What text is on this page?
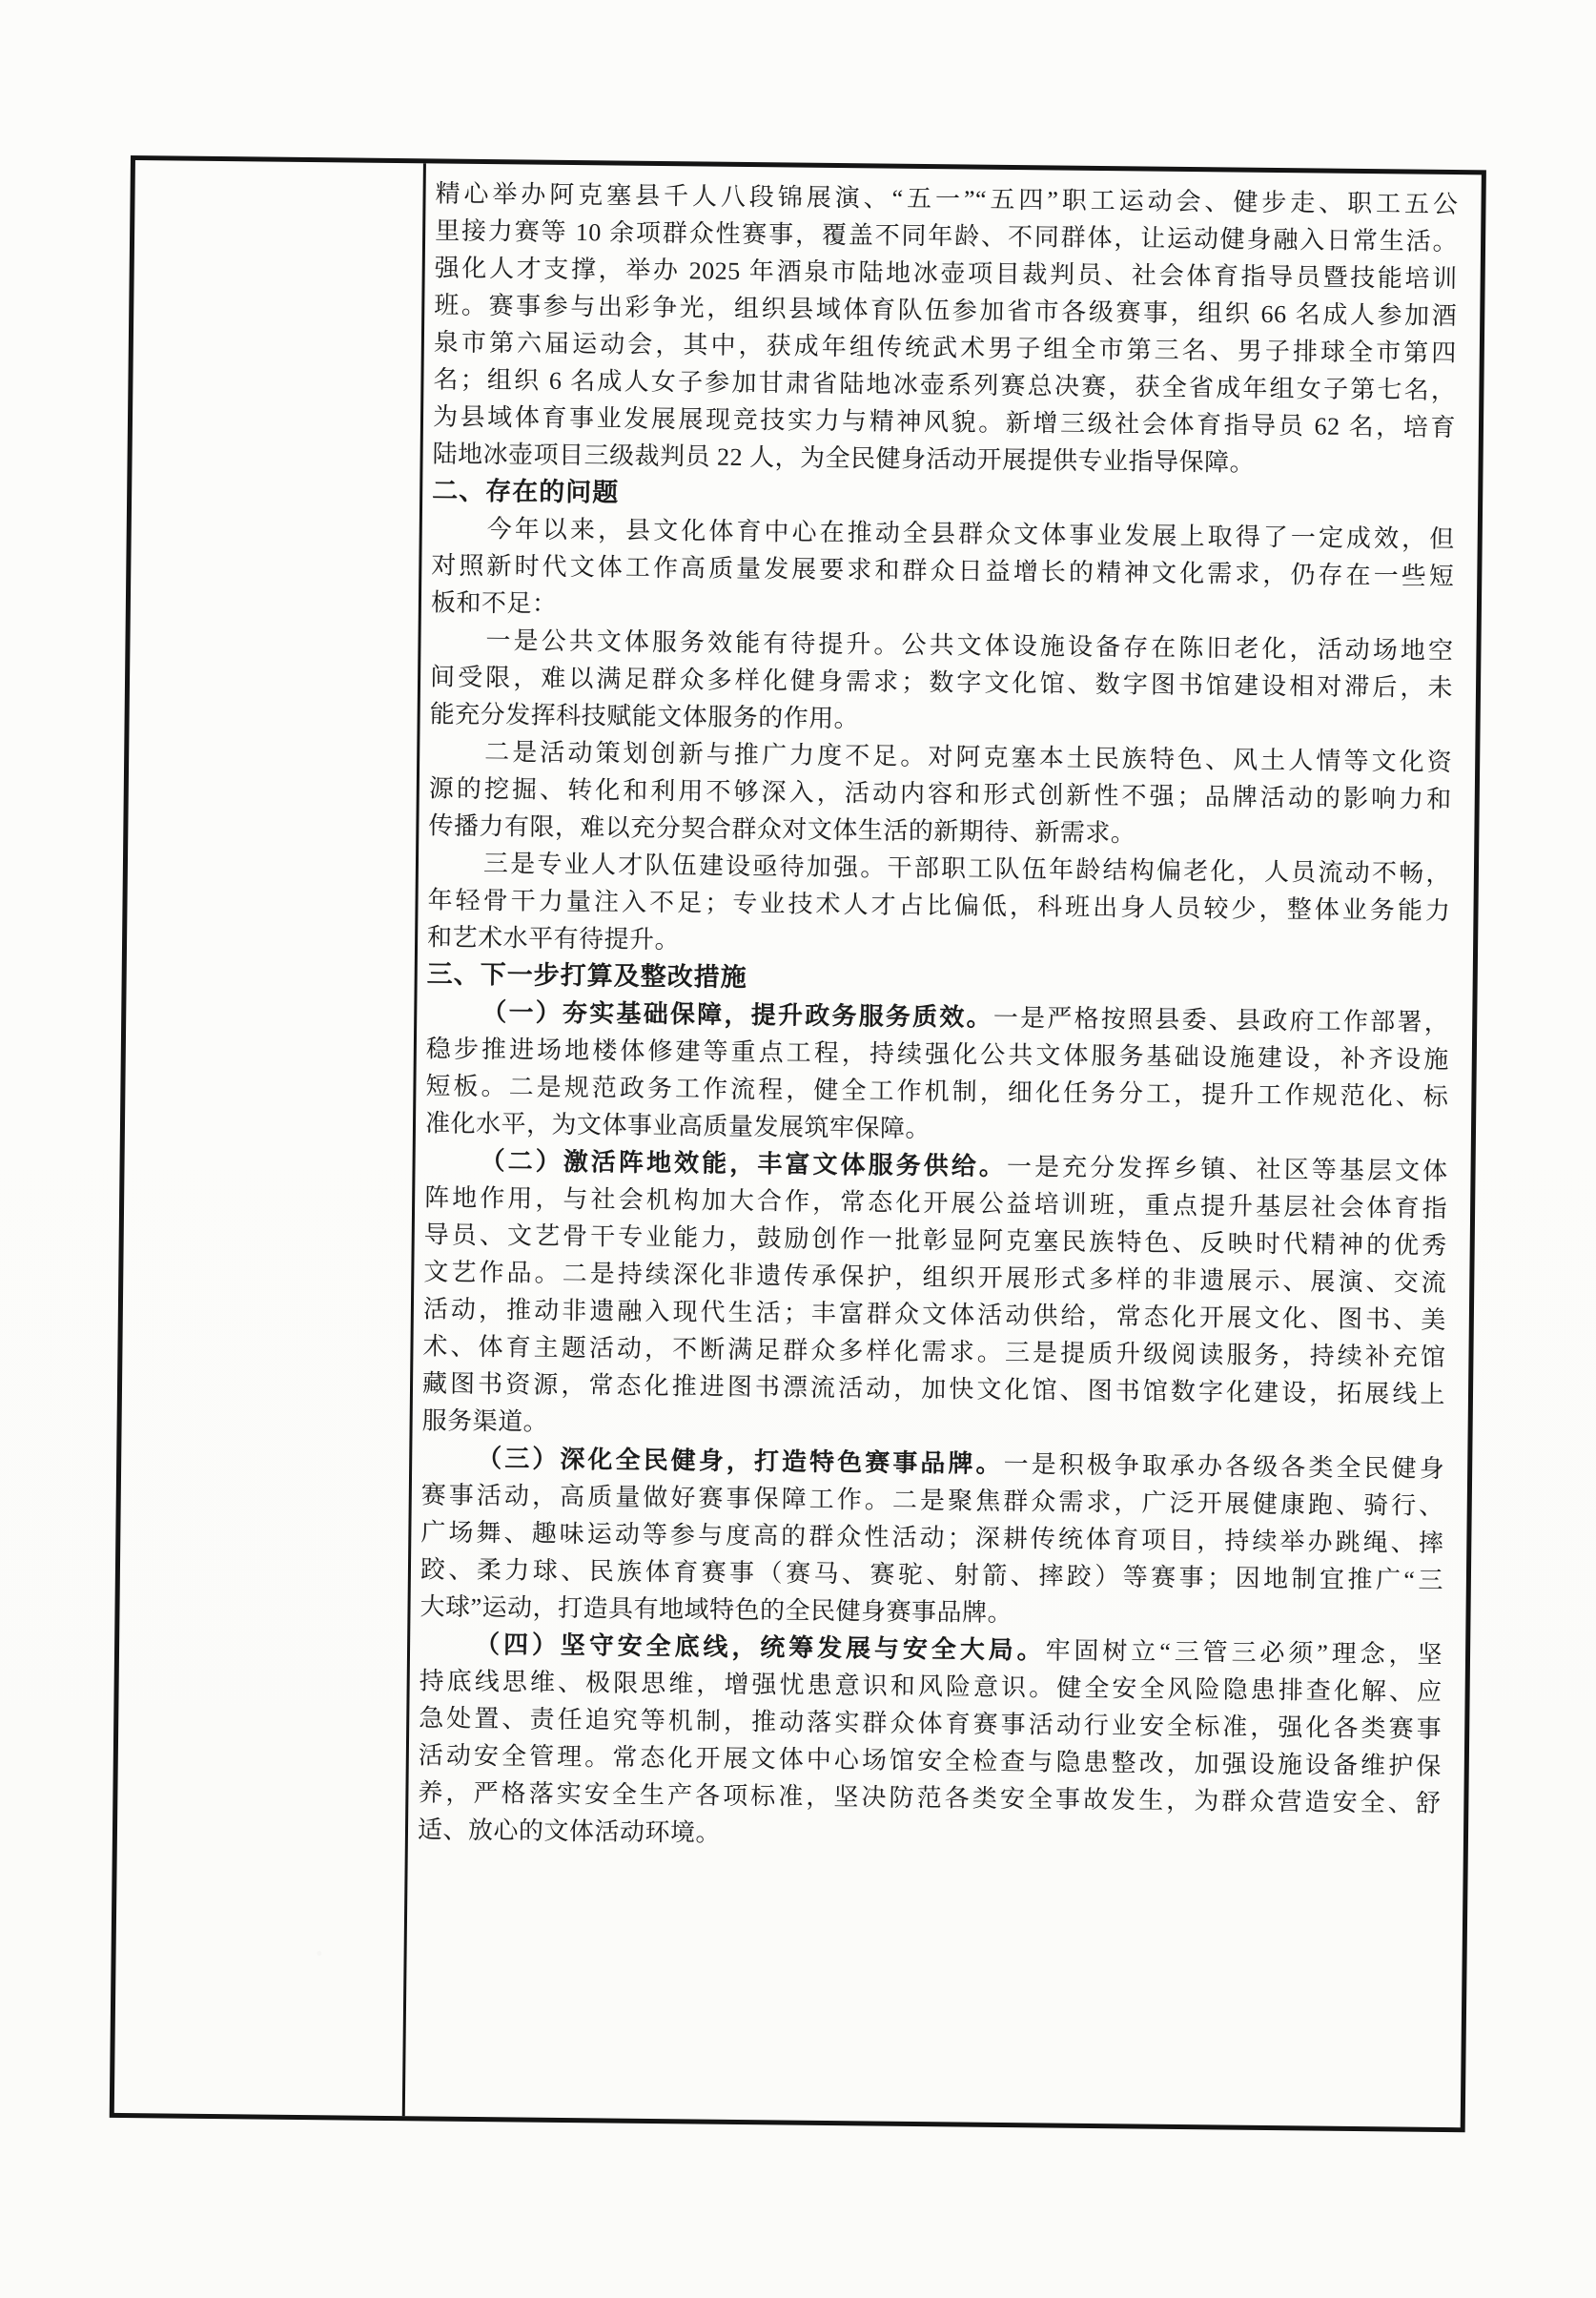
精心举办阿克塞县千人八段锦展演、“五一”“五四”职工运动会、健步走、职工五公
里接力赛等 10 余项群众性赛事，覆盖不同年龄、不同群体，让运动健身融入日常生活。
强化人才支撑，举办 2025 年酒泉市陆地冰壶项目裁判员、社会体育指导员暨技能培训
班。赛事参与出彩争光，组织县域体育队伍参加省市各级赛事，组织 66 名成人参加酒
泉市第六届运动会，其中，获成年组传统武术男子组全市第三名、男子排球全市第四
名；组织 6 名成人女子参加甘肃省陆地冰壶系列赛总决赛，获全省成年组女子第七名，
为县域体育事业发展展现竞技实力与精神风貌。新增三级社会体育指导员 62 名，培育
陆地冰壶项目三级裁判员 22 人，为全民健身活动开展提供专业指导保障。
二、存在的问题
今年以来，县文化体育中心在推动全县群众文体事业发展上取得了一定成效，但
对照新时代文体工作高质量发展要求和群众日益增长的精神文化需求，仍存在一些短
板和不足：
一是公共文体服务效能有待提升。公共文体设施设备存在陈旧老化，活动场地空
间受限，难以满足群众多样化健身需求；数字文化馆、数字图书馆建设相对滞后，未
能充分发挥科技赋能文体服务的作用。
二是活动策划创新与推广力度不足。对阿克塞本土民族特色、风土人情等文化资
源的挖掘、转化和利用不够深入，活动内容和形式创新性不强；品牌活动的影响力和
传播力有限，难以充分契合群众对文体生活的新期待、新需求。
三是专业人才队伍建设亟待加强。干部职工队伍年龄结构偏老化，人员流动不畅，
年轻骨干力量注入不足；专业技术人才占比偏低，科班出身人员较少，整体业务能力
和艺术水平有待提升。
三、下一步打算及整改措施
（一）夯实基础保障，提升政务服务质效。一是严格按照县委、县政府工作部署，
稳步推进场地楼体修建等重点工程，持续强化公共文体服务基础设施建设，补齐设施
短板。二是规范政务工作流程，健全工作机制，细化任务分工，提升工作规范化、标
准化水平，为文体事业高质量发展筑牢保障。
（二）激活阵地效能，丰富文体服务供给。一是充分发挥乡镇、社区等基层文体
阵地作用，与社会机构加大合作，常态化开展公益培训班，重点提升基层社会体育指
导员、文艺骨干专业能力，鼓励创作一批彰显阿克塞民族特色、反映时代精神的优秀
文艺作品。二是持续深化非遗传承保护，组织开展形式多样的非遗展示、展演、交流
活动，推动非遗融入现代生活；丰富群众文体活动供给，常态化开展文化、图书、美
术、体育主题活动，不断满足群众多样化需求。三是提质升级阅读服务，持续补充馆
藏图书资源，常态化推进图书漂流活动，加快文化馆、图书馆数字化建设，拓展线上
服务渠道。
（三）深化全民健身，打造特色赛事品牌。一是积极争取承办各级各类全民健身
赛事活动，高质量做好赛事保障工作。二是聚焦群众需求，广泛开展健康跑、骑行、
广场舞、趣味运动等参与度高的群众性活动；深耕传统体育项目，持续举办跳绳、摔
跤、柔力球、民族体育赛事（赛马、赛驼、射箭、摔跤）等赛事；因地制宜推广“三
大球”运动，打造具有地域特色的全民健身赛事品牌。
（四）坚守安全底线，统筹发展与安全大局。牢固树立“三管三必须”理念，坚
持底线思维、极限思维，增强忧患意识和风险意识。健全安全风险隐患排查化解、应
急处置、责任追究等机制，推动落实群众体育赛事活动行业安全标准，强化各类赛事
活动安全管理。常态化开展文体中心场馆安全检查与隐患整改，加强设施设备维护保
养，严格落实安全生产各项标准，坚决防范各类安全事故发生，为群众营造安全、舒
适、放心的文体活动环境。
